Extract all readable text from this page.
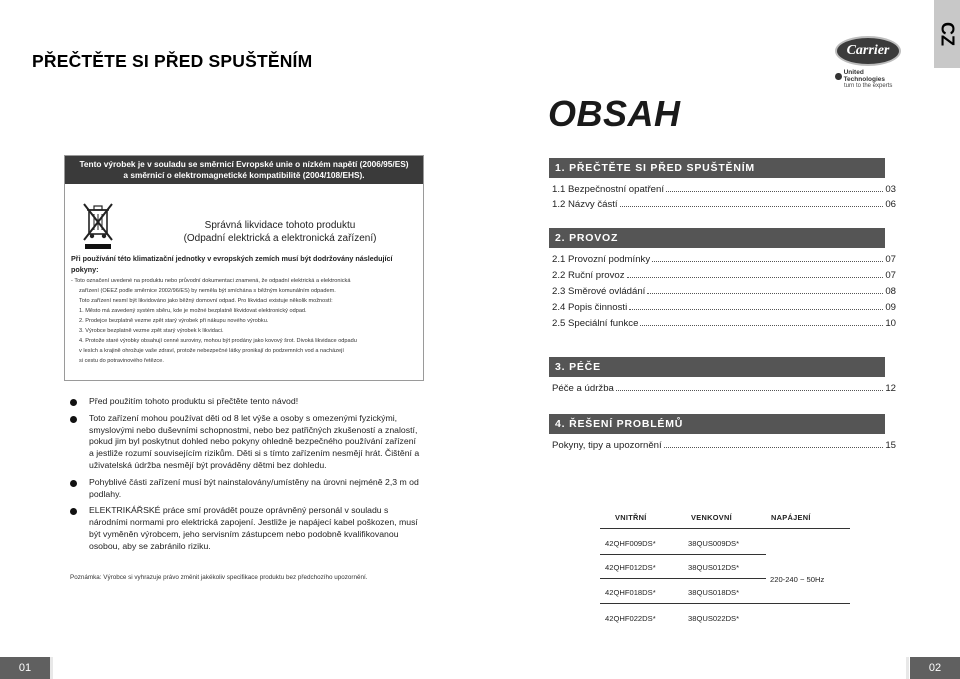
PŘEČTĚTE SI PŘED SPUŠTĚNÍM
CZ
Carrier
United Technologies
turn to the experts
OBSAH
Tento výrobek je v souladu se směrnicí Evropské unie o nízkém napětí (2006/95/ES)
a směrnicí o elektromagnetické kompatibilitě (2004/108/EHS).
Správná likvidace tohoto produktu
(Odpadní elektrická a elektronická zařízení)
Při používání této klimatizační jednotky v evropských zemích musí být dodržovány následující pokyny:

- Toto označení uvedené na produktu nebo průvodní dokumentaci znamená, že odpadní elektrická a elektronická

zařízení (OEEZ podle směrnice 2002/96/ES) by neměla být smíchána s běžným komunálním odpadem.

Toto zařízení nesmí být likvidováno jako běžný domovní odpad. Pro likvidaci existuje několik možností:

1. Město má zavedený systém sběru, kde je možné bezplatně likvidovat elektronický odpad.

2. Prodejce bezplatně vezme zpět starý výrobek při nákupu nového výrobku.

3. Výrobce bezplatně vezme zpět starý výrobek k likvidaci.

4. Protože staré výrobky obsahují cenné suroviny, mohou být prodány jako kovový šrot. Divoká likvidace odpadu

v lesích a krajině ohrožuje vaše zdraví, protože nebezpečné látky pronikají do podzemních vod a nacházejí

si cestu do potravinového řetězce.

Před použitím tohoto produktu si přečtěte tento návod!
Toto zařízení mohou používat děti od 8 let výše a osoby s omezenými fyzickými, smyslovými nebo duševními schopnostmi, nebo bez patřičných zkušeností a znalostí, pokud jim byl poskytnut dohled nebo pokyny ohledně bezpečného používání zařízení a jestliže rozumí souvisejícím rizikům. Děti si s tímto zařízením nesmějí hrát. Čištění a uživatelská údržba nesmějí být prováděny dětmi bez dohledu.
Pohyblivé části zařízení musí být nainstalovány/umístěny na úrovni nejméně 2,3 m od podlahy.
ELEKTRIKÁŘSKÉ práce smí provádět pouze oprávněný personál v souladu s národními normami pro elektrická zapojení. Jestliže je napájecí kabel poškozen, musí být vyměněn výrobcem, jeho servisním zástupcem nebo podobně kvalifikovanou osobou, aby se zabránilo riziku.
Poznámka: Výrobce si vyhrazuje právo změnit jakékoliv specifikace produktu bez předchozího upozornění.
1. PŘEČTĚTE SI PŘED SPUŠTĚNÍM
1.1 Bezpečnostní opatření	03
1.2 Názvy částí	06
2. PROVOZ
2.1 Provozní podmínky	07
2.2 Ruční provoz	07
2.3 Směrové ovládání	08
2.4 Popis činnosti	09
2.5 Speciální funkce	10
3. PÉČE
Péče a údržba	12
4. ŘEŠENÍ PROBLÉMŮ
Pokyny, tipy a upozornění	15
VNITŘNÍ	VENKOVNÍ	NAPÁJENÍ
42QHF009DS*	38QUS009DS*
42QHF012DS*	38QUS012DS*
42QHF018DS*	38QUS018DS*
42QHF022DS*	38QUS022DS*
220-240 ~ 50Hz
01	02
